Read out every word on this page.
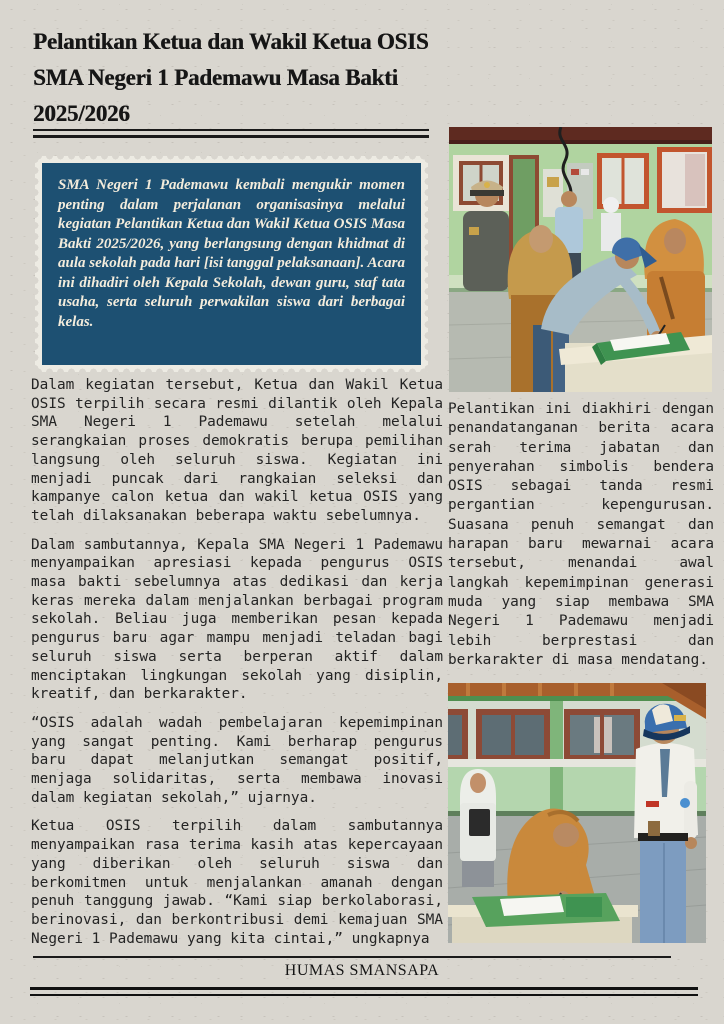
Pelantikan Ketua dan Wakil Ketua OSIS
SMA Negeri 1 Pademawu Masa Bakti
2025/2026
SMA Negeri 1 Pademawu kembali mengukir momen penting dalam perjalanan organisasinya melalui kegiatan Pelantikan Ketua dan Wakil Ketua OSIS Masa Bakti 2025/2026, yang berlangsung dengan khidmat di aula sekolah pada hari [isi tanggal pelaksanaan]. Acara ini dihadiri oleh Kepala Sekolah, dewan guru, staf tata usaha, serta seluruh perwakilan siswa dari berbagai kelas.

Dalam kegiatan tersebut, Ketua dan Wakil Ketua OSIS terpilih secara resmi dilantik oleh Kepala SMA Negeri 1 Pademawu setelah melalui serangkaian proses demokratis berupa pemilihan langsung oleh seluruh siswa. Kegiatan ini menjadi puncak dari rangkaian seleksi dan kampanye calon ketua dan wakil ketua OSIS yang telah dilaksanakan beberapa waktu sebelumnya.

Dalam sambutannya, Kepala SMA Negeri 1 Pademawu menyampaikan apresiasi kepada pengurus OSIS masa bakti sebelumnya atas dedikasi dan kerja keras mereka dalam menjalankan berbagai program sekolah. Beliau juga memberikan pesan kepada pengurus baru agar mampu menjadi teladan bagi seluruh siswa serta berperan aktif dalam menciptakan lingkungan sekolah yang disiplin, kreatif, dan berkarakter.

“OSIS adalah wadah pembelajaran kepemimpinan yang sangat penting. Kami berharap pengurus baru dapat melanjutkan semangat positif, menjaga solidaritas, serta membawa inovasi dalam kegiatan sekolah,” ujarnya.

Ketua OSIS terpilih dalam sambutannya menyampaikan rasa terima kasih atas kepercayaan yang diberikan oleh seluruh siswa dan berkomitmen untuk menjalankan amanah dengan penuh tanggung jawab. “Kami siap berkolaborasi, berinovasi, dan berkontribusi demi kemajuan SMA Negeri 1 Pademawu yang kita cintai,” ungkapnya

Pelantikan ini diakhiri dengan penandatanganan berita acara serah terima jabatan dan penyerahan simbolis bendera OSIS sebagai tanda resmi pergantian kepengurusan. Suasana penuh semangat dan harapan baru mewarnai acara tersebut, menandai awal langkah kepemimpinan generasi muda yang siap membawa SMA Negeri 1 Pademawu menjadi lebih berprestasi dan berkarakter di masa mendatang.

HUMAS SMANSAPA
